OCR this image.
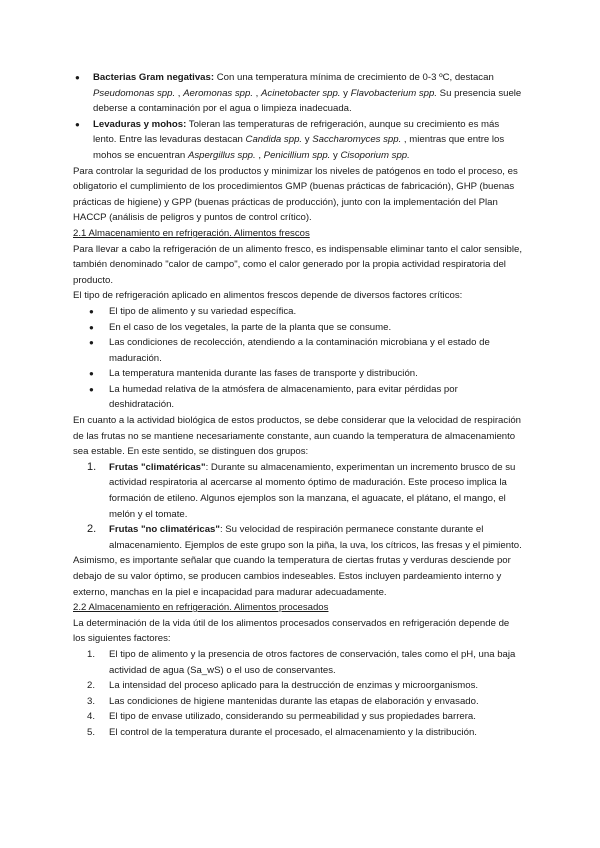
● Bacterias Gram negativas: Con una temperatura mínima de crecimiento de 0-3 ºC, destacan Pseudomonas spp. , Aeromonas spp. , Acinetobacter spp. y Flavobacterium spp. Su presencia suele deberse a contaminación por el agua o limpieza inadecuada.
● Levaduras y mohos: Toleran las temperaturas de refrigeración, aunque su crecimiento es más lento. Entre las levaduras destacan Candida spp. y Saccharomyces spp. , mientras que entre los mohos se encuentran Aspergillus spp. , Penicillium spp. y Cisoporium spp.

Para controlar la seguridad de los productos y minimizar los niveles de patógenos en todo el proceso, es obligatorio el cumplimiento de los procedimientos GMP (buenas prácticas de fabricación), GHP (buenas prácticas de higiene) y GPP (buenas prácticas de producción), junto con la implementación del Plan HACCP (análisis de peligros y puntos de control crítico).

2.1 Almacenamiento en refrigeración. Alimentos frescos

Para llevar a cabo la refrigeración de un alimento fresco, es indispensable eliminar tanto el calor sensible, también denominado "calor de campo", como el calor generado por la propia actividad respiratoria del producto.

El tipo de refrigeración aplicado en alimentos frescos depende de diversos factores críticos:

● El tipo de alimento y su variedad específica.
● En el caso de los vegetales, la parte de la planta que se consume.
● Las condiciones de recolección, atendiendo a la contaminación microbiana y el estado de maduración.
● La temperatura mantenida durante las fases de transporte y distribución.
● La humedad relativa de la atmósfera de almacenamiento, para evitar pérdidas por deshidratación.

En cuanto a la actividad biológica de estos productos, se debe considerar que la velocidad de respiración de las frutas no se mantiene necesariamente constante, aun cuando la temperatura de almacenamiento sea estable. En este sentido, se distinguen dos grupos:

1. Frutas "climatéricas": Durante su almacenamiento, experimentan un incremento brusco de su actividad respiratoria al acercarse al momento óptimo de maduración. Este proceso implica la formación de etileno. Algunos ejemplos son la manzana, el aguacate, el plátano, el mango, el melón y el tomate.
2. Frutas "no climatéricas": Su velocidad de respiración permanece constante durante el almacenamiento. Ejemplos de este grupo son la piña, la uva, los cítricos, las fresas y el pimiento.

Asimismo, es importante señalar que cuando la temperatura de ciertas frutas y verduras desciende por debajo de su valor óptimo, se producen cambios indeseables. Estos incluyen pardeamiento interno y externo, manchas en la piel e incapacidad para madurar adecuadamente.

2.2 Almacenamiento en refrigeración. Alimentos procesados

La determinación de la vida útil de los alimentos procesados conservados en refrigeración depende de los siguientes factores:

1. El tipo de alimento y la presencia de otros factores de conservación, tales como el pH, una baja actividad de agua (Sa_wS) o el uso de conservantes.
2. La intensidad del proceso aplicado para la destrucción de enzimas y microorganismos.
3. Las condiciones de higiene mantenidas durante las etapas de elaboración y envasado.
4. El tipo de envase utilizado, considerando su permeabilidad y sus propiedades barrera.
5. El control de la temperatura durante el procesado, el almacenamiento y la distribución.
